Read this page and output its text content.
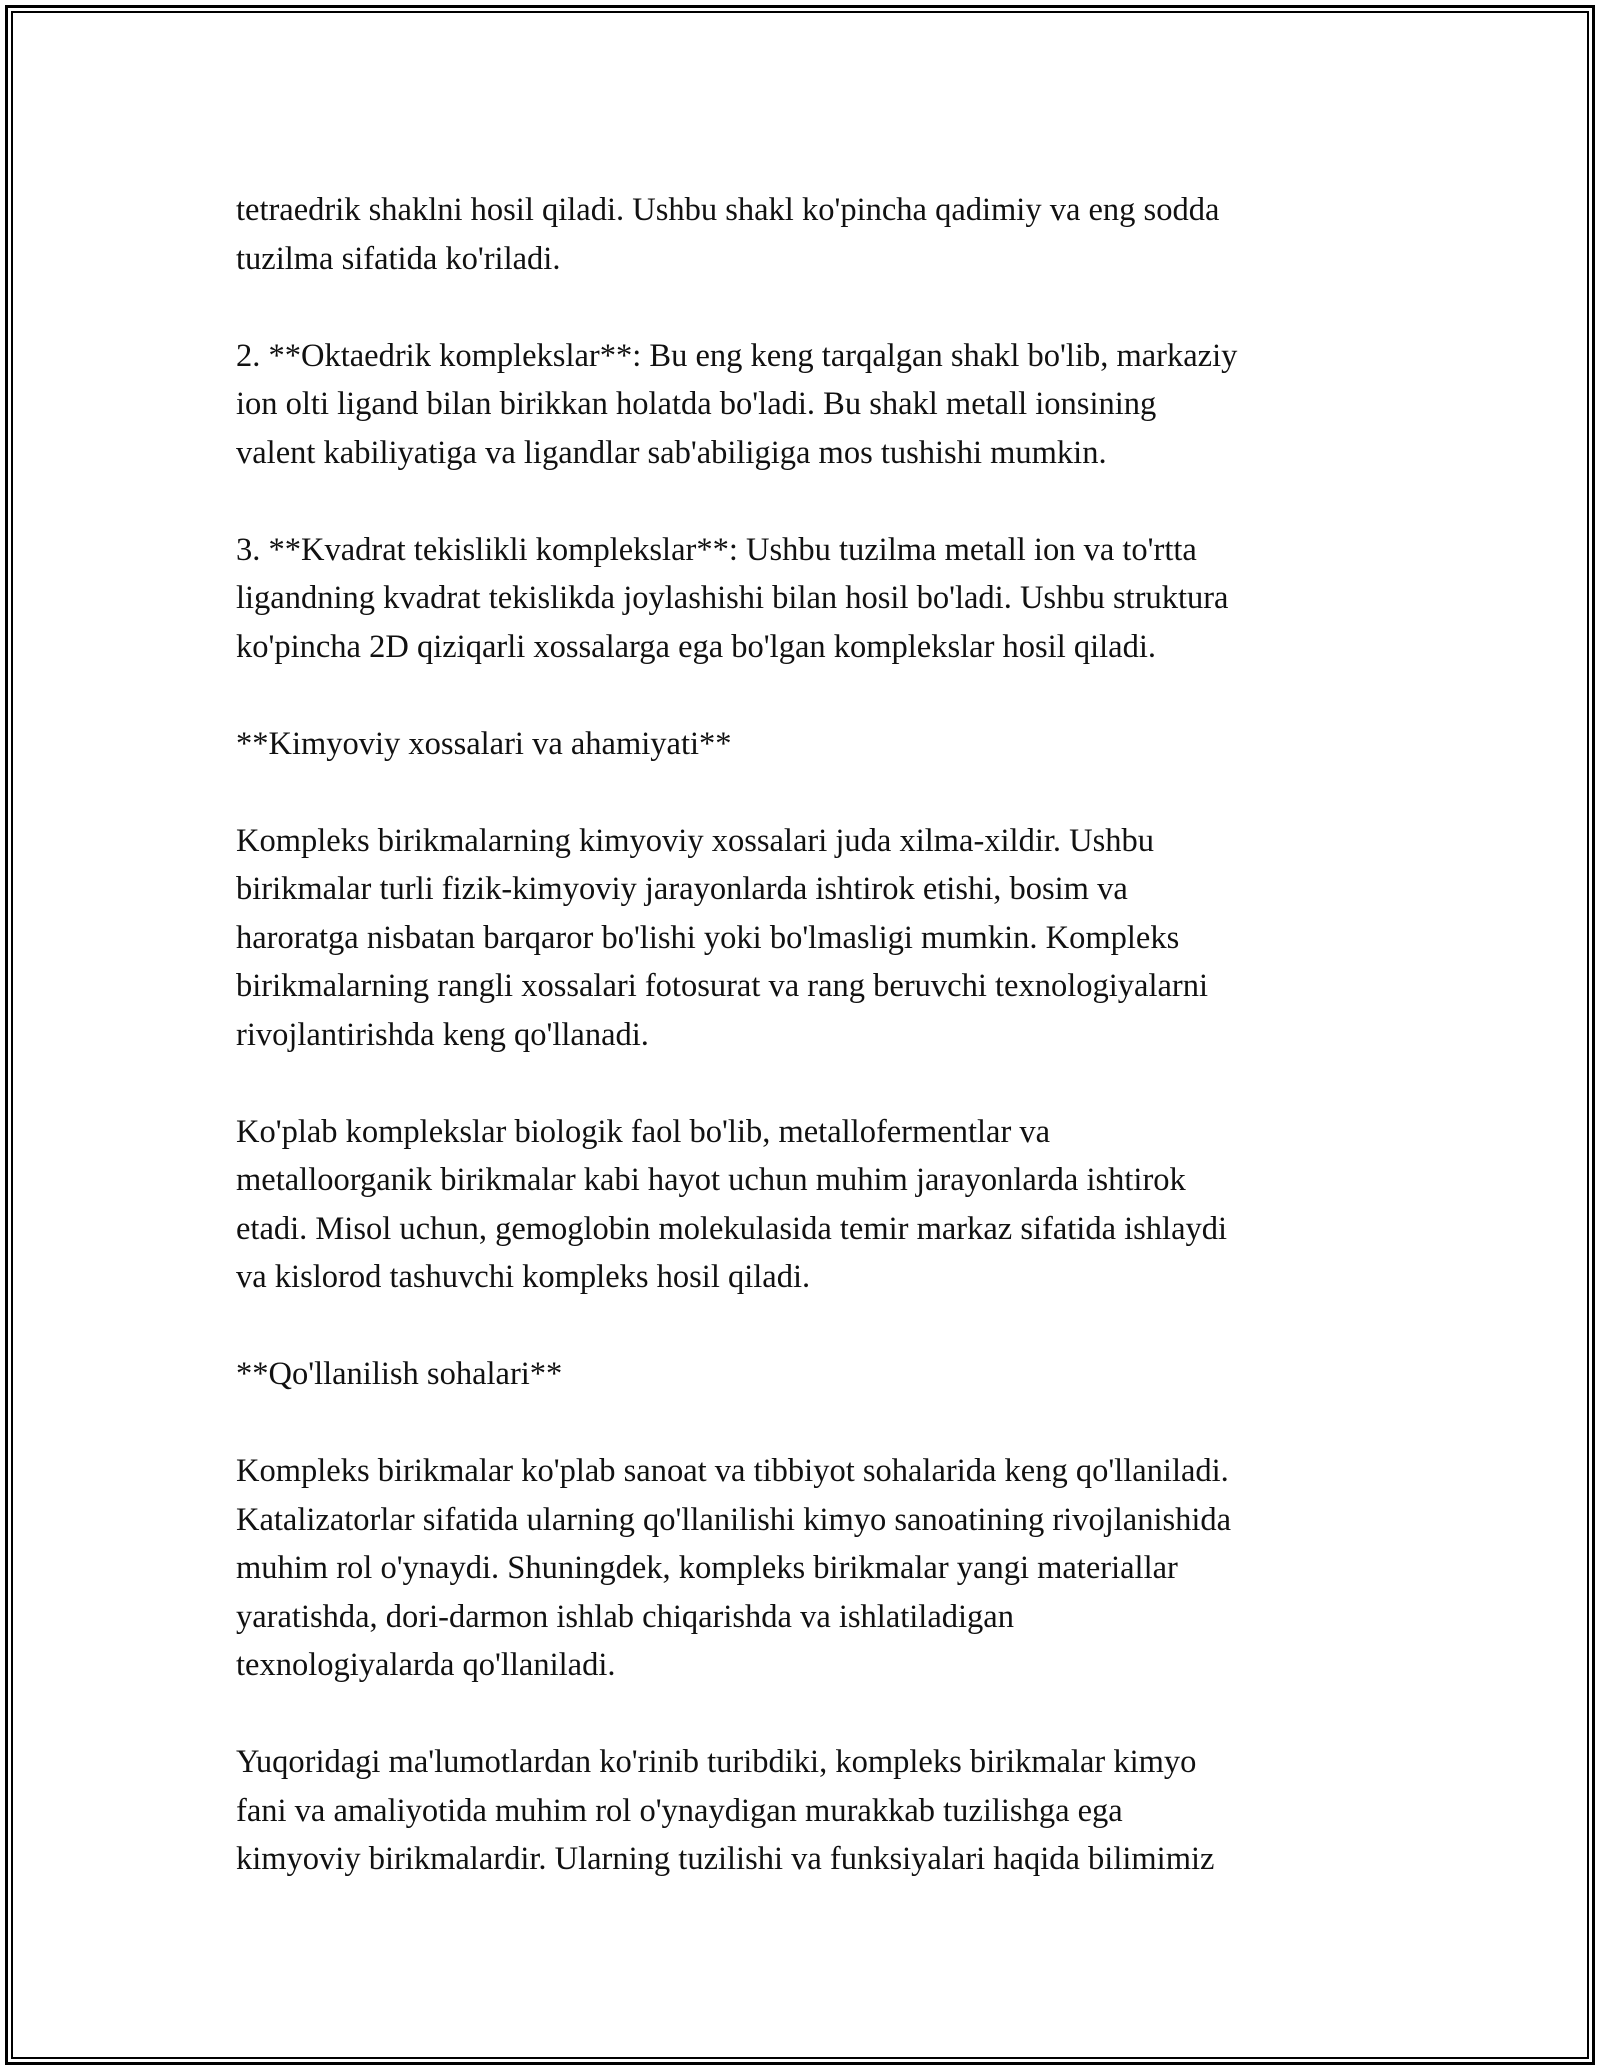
tetraedrik shaklni hosil qiladi. Ushbu shakl ko'pincha qadimiy va eng sodda
tuzilma sifatida ko'riladi.

2. **Oktaedrik komplekslar**: Bu eng keng tarqalgan shakl bo'lib, markaziy
ion olti ligand bilan birikkan holatda bo'ladi. Bu shakl metall ionsining
valent kabiliyatiga va ligandlar sab'abiligiga mos tushishi mumkin.

3. **Kvadrat tekislikli komplekslar**: Ushbu tuzilma metall ion va to'rtta
ligandning kvadrat tekislikda joylashishi bilan hosil bo'ladi. Ushbu struktura
ko'pincha 2D qiziqarli xossalarga ega bo'lgan komplekslar hosil qiladi.

**Kimyoviy xossalari va ahamiyati**

Kompleks birikmalarning kimyoviy xossalari juda xilma-xildir. Ushbu
birikmalar turli fizik-kimyoviy jarayonlarda ishtirok etishi, bosim va
haroratga nisbatan barqaror bo'lishi yoki bo'lmasligi mumkin. Kompleks
birikmalarning rangli xossalari fotosurat va rang beruvchi texnologiyalarni
rivojlantirishda keng qo'llanadi.

Ko'plab komplekslar biologik faol bo'lib, metallofermentlar va
metalloorganik birikmalar kabi hayot uchun muhim jarayonlarda ishtirok
etadi. Misol uchun, gemoglobin molekulasida temir markaz sifatida ishlaydi
va kislorod tashuvchi kompleks hosil qiladi.

**Qo'llanilish sohalari**

Kompleks birikmalar ko'plab sanoat va tibbiyot sohalarida keng qo'llaniladi.
Katalizatorlar sifatida ularning qo'llanilishi kimyo sanoatining rivojlanishida
muhim rol o'ynaydi. Shuningdek, kompleks birikmalar yangi materiallar
yaratishda, dori-darmon ishlab chiqarishda va ishlatiladigan
texnologiyalarda qo'llaniladi.

Yuqoridagi ma'lumotlardan ko'rinib turibdiki, kompleks birikmalar kimyo
fani va amaliyotida muhim rol o'ynaydigan murakkab tuzilishga ega
kimyoviy birikmalardir. Ularning tuzilishi va funksiyalari haqida bilimimiz
